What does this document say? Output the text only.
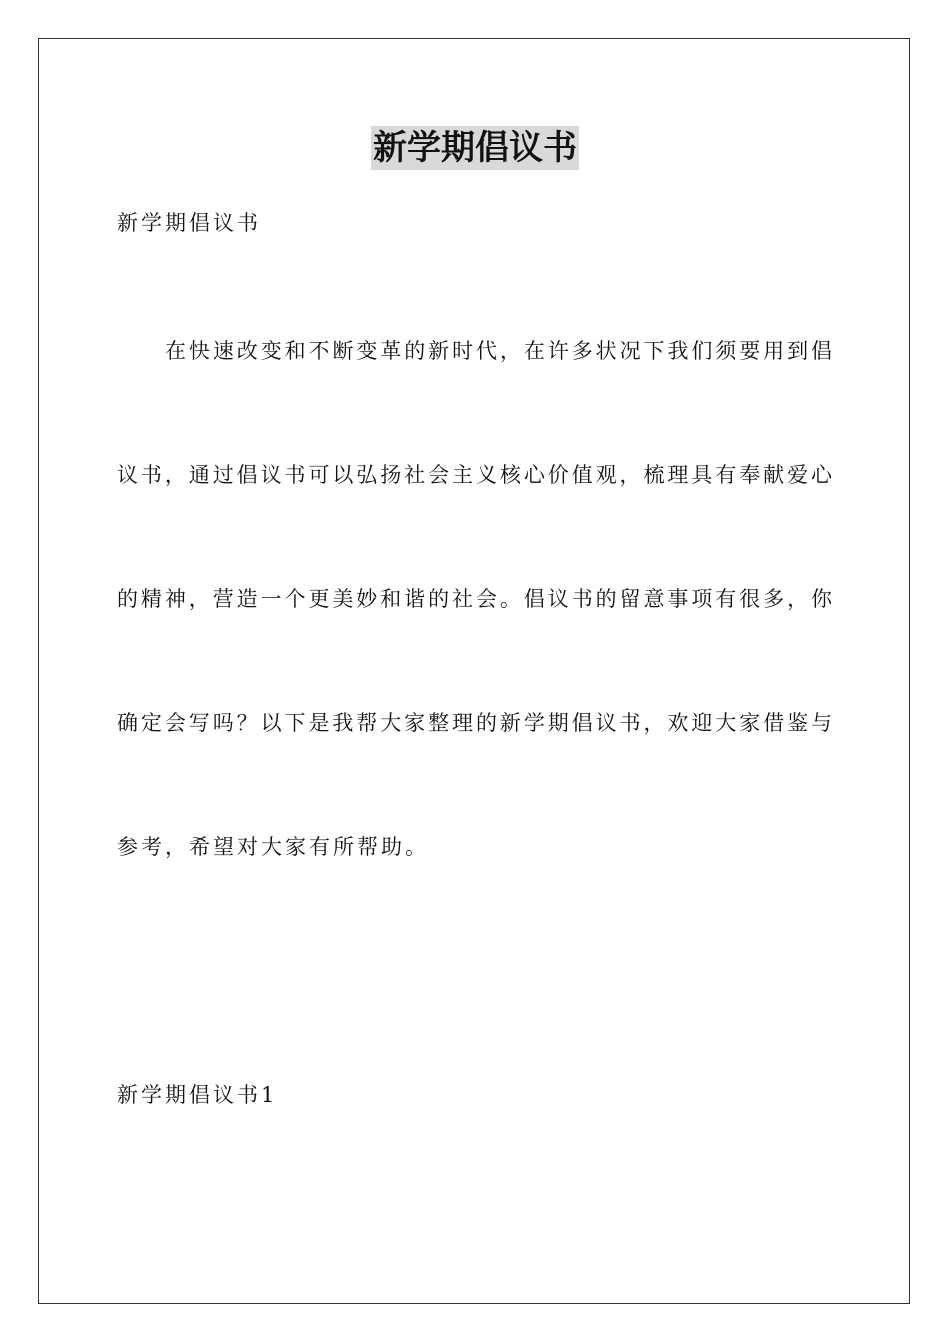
新学期倡议书
新学期倡议书
在快速改变和不断变革的新时代，在许多状况下我们须要用到倡
议书，通过倡议书可以弘扬社会主义核心价值观，梳理具有奉献爱心
的精神，营造一个更美妙和谐的社会。倡议书的留意事项有很多，你
确定会写吗？以下是我帮大家整理的新学期倡议书，欢迎大家借鉴与
参考，希望对大家有所帮助。
新学期倡议书1
